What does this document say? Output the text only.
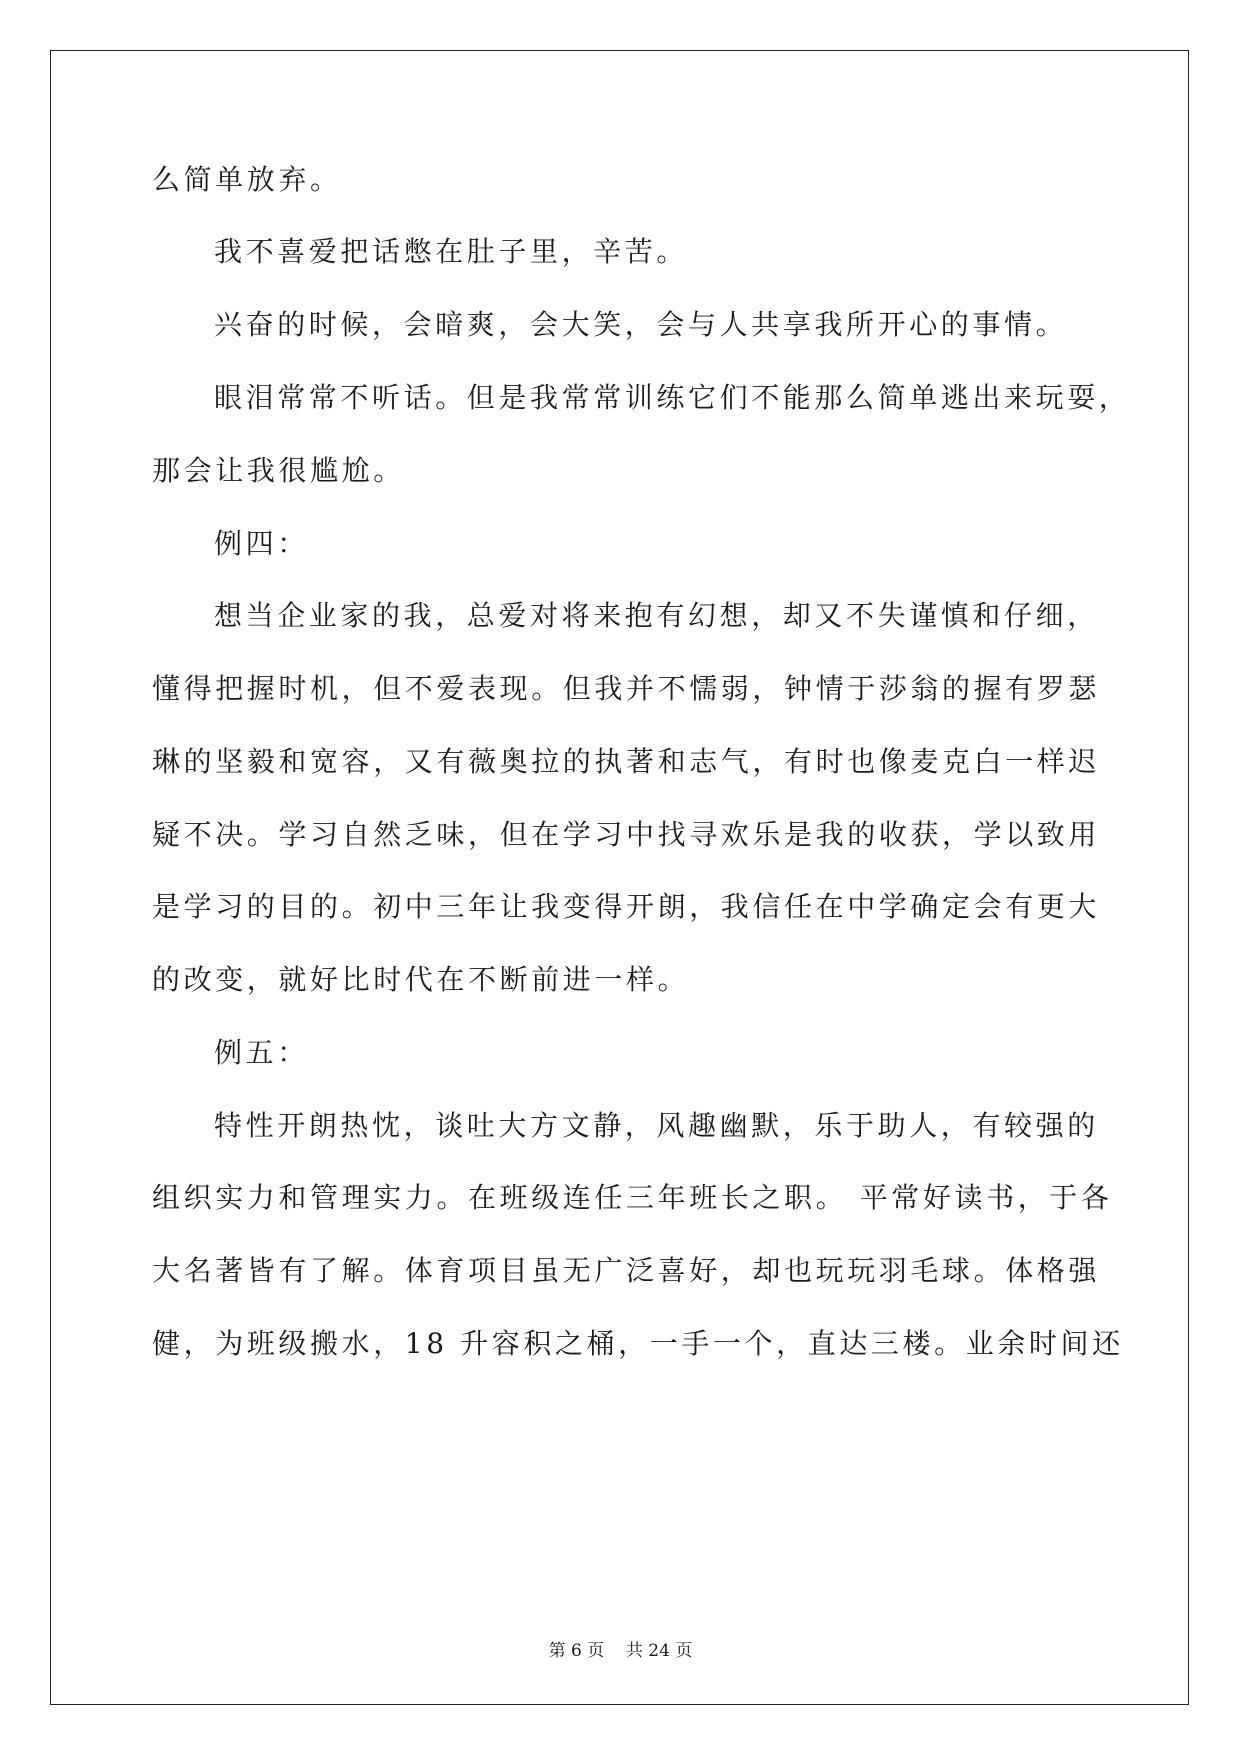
么简单放弃。
我不喜爱把话憋在肚子里，辛苦。
兴奋的时候，会暗爽，会大笑，会与人共享我所开心的事情。
眼泪常常不听话。但是我常常训练它们不能那么简单逃出来玩耍，
那会让我很尴尬。
例四：
想当企业家的我，总爱对将来抱有幻想，却又不失谨慎和仔细，
懂得把握时机，但不爱表现。但我并不懦弱，钟情于莎翁的握有罗瑟
琳的坚毅和宽容，又有薇奥拉的执著和志气，有时也像麦克白一样迟
疑不决。学习自然乏味，但在学习中找寻欢乐是我的收获，学以致用
是学习的目的。初中三年让我变得开朗，我信任在中学确定会有更大
的改变，就好比时代在不断前进一样。
例五：
特性开朗热忱，谈吐大方文静，风趣幽默，乐于助人，有较强的
组织实力和管理实力。在班级连任三年班长之职。 平常好读书，于各
大名著皆有了解。体育项目虽无广泛喜好，却也玩玩羽毛球。体格强
健，为班级搬水，18 升容积之桶，一手一个，直达三楼。业余时间还
第 6 页    共 24 页
